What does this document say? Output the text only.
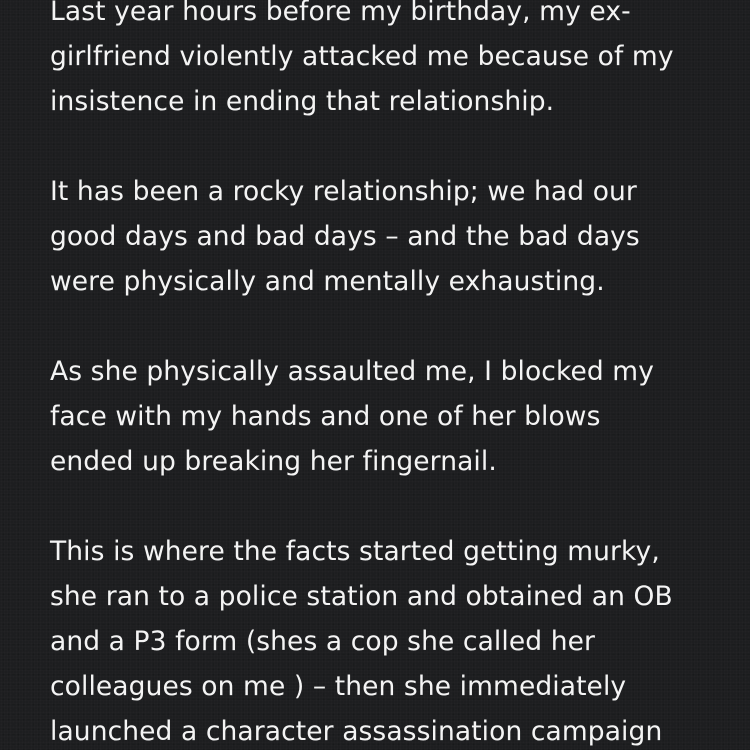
Last year hours before my birthday, my ex-
girlfriend violently attacked me because of my
insistence in ending that relationship.
It has been a rocky relationship; we had our
good days and bad days – and the bad days
were physically and mentally exhausting.
As she physically assaulted me, I blocked my
face with my hands and one of her blows
ended up breaking her fingernail.
This is where the facts started getting murky,
she ran to a police station and obtained an OB
and a P3 form (shes a cop she called her
colleagues on me ) – then she immediately
launched a character assassination campaign
